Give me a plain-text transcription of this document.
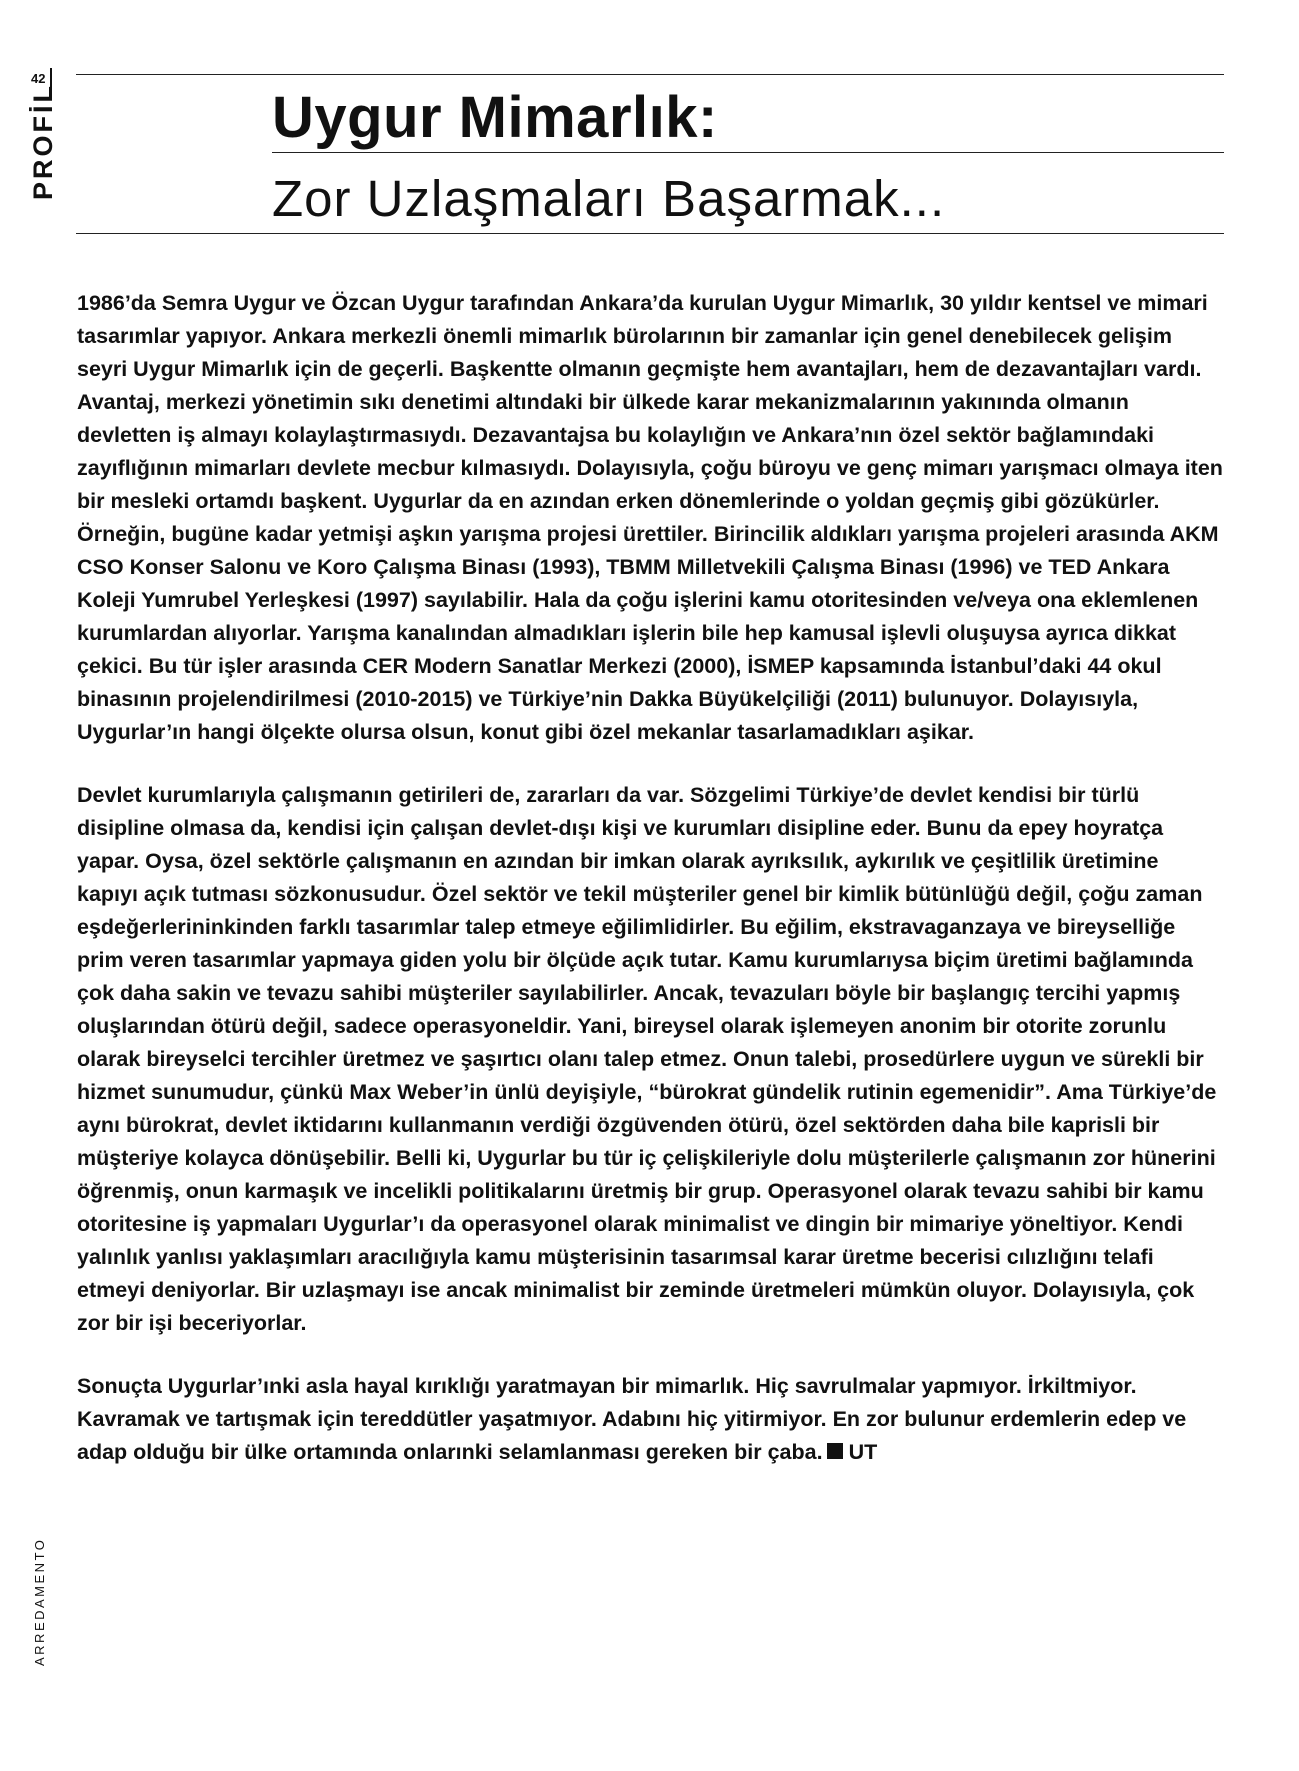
42
PROFİL
ARREDAMENTO
Uygur Mimarlık:
Zor Uzlaşmaları Başarmak...

1986’da Semra Uygur ve Özcan Uygur tarafından Ankara’da kurulan Uygur Mimarlık, 30 yıldır kentsel ve mimari tasarımlar yapıyor. Ankara merkezli önemli mimarlık bürolarının bir zamanlar için genel denebilecek gelişim seyri Uygur Mimarlık için de geçerli. Başkentte olmanın geçmişte hem avantajları, hem de dezavantajları vardı. Avantaj, merkezi yönetimin sıkı denetimi altındaki bir ülkede karar mekanizmalarının yakınında olmanın devletten iş almayı kolaylaştırmasıydı. Dezavantajsa bu kolaylığın ve Ankara’nın özel sektör bağlamındaki zayıflığının mimarları devlete mecbur kılmasıydı. Dolayısıyla, çoğu büroyu ve genç mimarı yarışmacı olmaya iten bir mesleki ortamdı başkent. Uygurlar da en azından erken dönemlerinde o yoldan geçmiş gibi gözükürler. Örneğin, bugüne kadar yetmişi aşkın yarışma projesi ürettiler. Birincilik aldıkları yarışma projeleri arasında AKM CSO Konser Salonu ve Koro Çalışma Binası (1993), TBMM Milletvekili Çalışma Binası (1996) ve TED Ankara Koleji Yumrubel Yerleşkesi (1997) sayılabilir. Hala da çoğu işlerini kamu otoritesinden ve/veya ona eklemlenen kurumlardan alıyorlar. Yarışma kanalından almadıkları işlerin bile hep kamusal işlevli oluşuysa ayrıca dikkat çekici. Bu tür işler arasında CER Modern Sanatlar Merkezi (2000), İSMEP kapsamında İstanbul’daki 44 okul binasının projelendirilmesi (2010-2015) ve Türkiye’nin Dakka Büyükelçiliği (2011) bulunuyor. Dolayısıyla, Uygurlar’ın hangi ölçekte olursa olsun, konut gibi özel mekanlar tasarlamadıkları aşikar.

Devlet kurumlarıyla çalışmanın getirileri de, zararları da var. Sözgelimi Türkiye’de devlet kendisi bir türlü disipline olmasa da, kendisi için çalışan devlet-dışı kişi ve kurumları disipline eder. Bunu da epey hoyratça yapar. Oysa, özel sektörle çalışmanın en azından bir imkan olarak ayrıksılık, aykırılık ve çeşitlilik üretimine kapıyı açık tutması sözkonusudur. Özel sektör ve tekil müşteriler genel bir kimlik bütünlüğü değil, çoğu zaman eşdeğerlerininkinden farklı tasarımlar talep etmeye eğilimlidirler. Bu eğilim, ekstravaganzaya ve bireyselliğe prim veren tasarımlar yapmaya giden yolu bir ölçüde açık tutar. Kamu kurumlarıysa biçim üretimi bağlamında çok daha sakin ve tevazu sahibi müşteriler sayılabilirler. Ancak, tevazuları böyle bir başlangıç tercihi yapmış oluşlarından ötürü değil, sadece operasyoneldir. Yani, bireysel olarak işlemeyen anonim bir otorite zorunlu olarak bireyselci tercihler üretmez ve şaşırtıcı olanı talep etmez. Onun talebi, prosedürlere uygun ve sürekli bir hizmet sunumudur, çünkü Max Weber’in ünlü deyişiyle, “bürokrat gündelik rutinin egemenidir”. Ama Türkiye’de aynı bürokrat, devlet iktidarını kullanmanın verdiği özgüvenden ötürü, özel sektörden daha bile kaprisli bir müşteriye kolayca dönüşebilir. Belli ki, Uygurlar bu tür iç çelişkileriyle dolu müşterilerle çalışmanın zor hünerini öğrenmiş, onun karmaşık ve incelikli politikalarını üretmiş bir grup. Operasyonel olarak tevazu sahibi bir kamu otoritesine iş yapmaları Uygurlar’ı da operasyonel olarak minimalist ve dingin bir mimariye yöneltiyor. Kendi yalınlık yanlısı yaklaşımları aracılığıyla kamu müşterisinin tasarımsal karar üretme becerisi cılızlığını telafi etmeyi deniyorlar. Bir uzlaşmayı ise ancak minimalist bir zeminde üretmeleri mümkün oluyor. Dolayısıyla, çok zor bir işi beceriyorlar.

Sonuçta Uygurlar’ınki asla hayal kırıklığı yaratmayan bir mimarlık. Hiç savrulmalar yapmıyor. İrkiltmiyor. Kavramak ve tartışmak için tereddütler yaşatmıyor. Adabını hiç yitirmiyor. En zor bulunur erdemlerin edep ve adap olduğu bir ülke ortamında onlarınki selamlanması gereken bir çaba. UT
